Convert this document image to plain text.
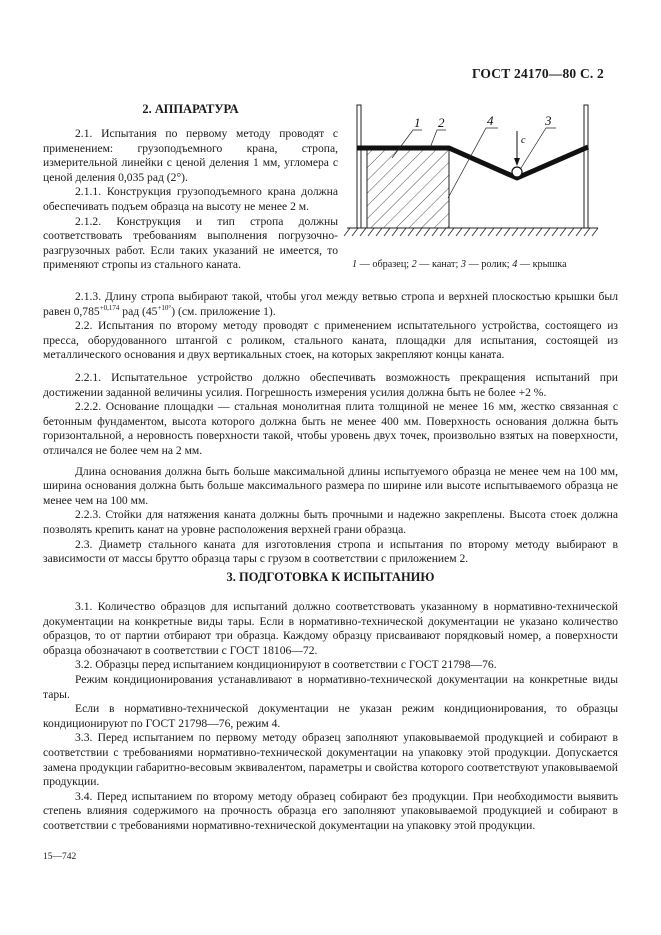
ГОСТ 24170—80 С. 2
2. АППАРАТУРА
2.1. Испытания по первому методу проводят с применением: грузоподъемного крана, стропа, измерительной линейки с ценой деления 1 мм, угломера с ценой деления 0,035 рад (2°).
2.1.1. Конструкция грузоподъемного крана должна обеспечивать подъем образца на высоту не менее 2 м.
2.1.2. Конструкция и тип стропа должны соответствовать требованиям выполнения погрузочно-разгрузочных работ. Если таких указаний не имеется, то применяют стропы из стального каната.
c
1 2	4	3
1 — образец; 2 — канат; 3 — ролик; 4 — крышка
2.1.3. Длину стропа выбирают такой, чтобы угол между ветвью стропа и верхней плоскостью крышки был равен $0,785^{+0,174}$ рад $(45^{+10^\circ})$ (см. приложение 1).
2.2. Испытания по второму методу проводят с применением испытательного устройства, состоящего из пресса, оборудованного штангой с роликом, стального каната, площадки для испытания, состоящей из металлического основания и двух вертикальных стоек, на которых закрепляют концы каната.
2.2.1. Испытательное устройство должно обеспечивать возможность прекращения испытаний при достижении заданной величины усилия. Погрешность измерения усилия должна быть не более +2 %.
2.2.2. Основание площадки — стальная монолитная плита толщиной не менее 16 мм, жестко связанная с бетонным фундаментом, высота которого должна быть не менее 400 мм. Поверхность основания должна быть горизонтальной, а неровность поверхности такой, чтобы уровень двух точек, произвольно взятых на поверхности, отличался не более чем на 2 мм.
Длина основания должна быть больше максимальной длины испытуемого образца не менее чем на 100 мм, ширина основания должна быть больше максимального размера по ширине или высоте испытываемого образца не менее чем на 100 мм.
2.2.3. Стойки для натяжения каната должны быть прочными и надежно закреплены. Высота стоек должна позволять крепить канат на уровне расположения верхней грани образца.
2.3. Диаметр стального каната для изготовления стропа и испытания по второму методу выбирают в зависимости от массы брутто образца тары с грузом в соответствии с приложением 2.
3. ПОДГОТОВКА К ИСПЫТАНИЮ
3.1. Количество образцов для испытаний должно соответствовать указанному в нормативно-технической документации на конкретные виды тары. Если в нормативно-технической документации не указано количество образцов, то от партии отбирают три образца. Каждому образцу присваивают порядковый номер, а поверхности образца обозначают в соответствии с ГОСТ 18106—72.
3.2. Образцы перед испытанием кондиционируют в соответствии с ГОСТ 21798—76.
Режим кондиционирования устанавливают в нормативно-технической документации на конкретные виды тары.
Если в нормативно-технической документации не указан режим кондиционирования, то образцы кондиционируют по ГОСТ 21798—76, режим 4.
3.3. Перед испытанием по первому методу образец заполняют упаковываемой продукцией и собирают в соответствии с требованиями нормативно-технической документации на упаковку этой продукции. Допускается замена продукции габаритно-весовым эквивалентом, параметры и свойства которого соответствуют упаковываемой продукции.
3.4. Перед испытанием по второму методу образец собирают без продукции. При необходимости выявить степень влияния содержимого на прочность образца его заполняют упаковываемой продукцией и собирают в соответствии с требованиями нормативно-технической документации на упаковку этой продукции.
15—742
